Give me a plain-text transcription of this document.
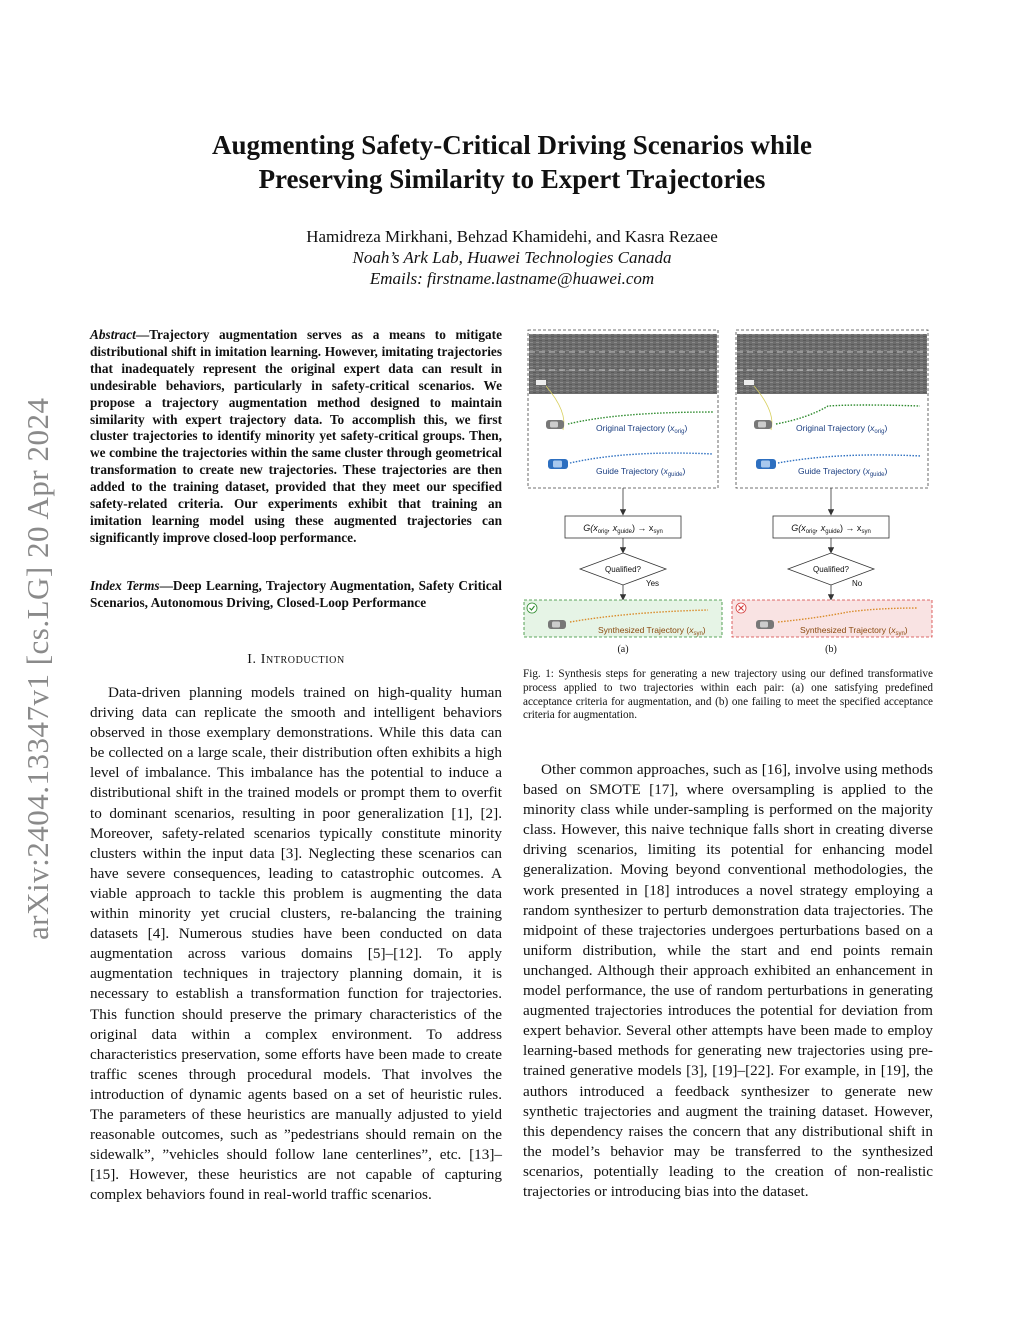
arXiv:2404.13347v1 [cs.LG] 20 Apr 2024
Augmenting Safety-Critical Driving Scenarios while
Preserving Similarity to Expert Trajectories
Hamidreza Mirkhani, Behzad Khamidehi, and Kasra Rezaee
Noah’s Ark Lab, Huawei Technologies Canada
Emails: firstname.lastname@huawei.com
Abstract—Trajectory augmentation serves as a means to mitigate distributional shift in imitation learning. However, imitating trajectories that inadequately represent the original expert data can result in undesirable behaviors, particularly in safety-critical scenarios. We propose a trajectory augmentation method designed to maintain similarity with expert trajectory data. To accomplish this, we first cluster trajectories to identify minority yet safety-critical groups. Then, we combine the trajectories within the same cluster through geometrical transformation to create new trajectories. These trajectories are then added to the training dataset, provided that they meet our specified safety-related criteria. Our experiments exhibit that training an imitation learning model using these augmented trajectories can significantly improve closed-loop performance.
Index Terms—Deep Learning, Trajectory Augmentation, Safety Critical Scenarios, Autonomous Driving, Closed-Loop Performance
I. Introduction

Data-driven planning models trained on high-quality human driving data can replicate the smooth and intelligent behaviors observed in those exemplary demonstrations. While this data can be collected on a large scale, their distribution often exhibits a high level of imbalance. This imbalance has the potential to induce a distributional shift in the trained models or prompt them to overfit to dominant scenarios, resulting in poor generalization [1], [2]. Moreover, safety-related scenarios typically constitute minority clusters within the input data [3]. Neglecting these scenarios can have severe consequences, leading to catastrophic outcomes. A viable approach to tackle this problem is augmenting the data within minority yet crucial clusters, re-balancing the training datasets [4]. Numerous studies have been conducted on data augmentation across various domains [5]–[12]. To apply augmentation techniques in trajectory planning domain, it is necessary to establish a transformation function for trajectories. This function should preserve the primary characteristics of the original data within a complex environment. To address characteristics preservation, some efforts have been made to create traffic scenes through procedural models. That involves the introduction of dynamic agents based on a set of heuristic rules. The parameters of these heuristics are manually adjusted to yield reasonable outcomes, such as ”pedestrians should remain on the sidewalk”, ”vehicles should follow lane centerlines”, etc. [13]–[15]. However, these heuristics are not capable of capturing complex behaviors found in real-world traffic scenarios.

Original Trajectory $(x_{orig})$
Guide Trajectory $(x_{guide})$
$G(x_{orig}$, $x_{guide}) \to x_{syn}$
Qualified?
Yes
Synthesized Trajectory $(x_{syn})$
(a)
Original Trajectory $(x_{orig})$
Guide Trajectory $(x_{guide})$
$G(x_{orig}$, $x_{guide}) \to x_{syn}$
Qualified?
No
Synthesized Trajectory $(x_{syn})$
(b)
Fig. 1: Synthesis steps for generating a new trajectory using our defined transformative process applied to two trajectories within each pair: (a) one satisfying predefined acceptance criteria for augmentation, and (b) one failing to meet the specified acceptance criteria for augmentation.

Other common approaches, such as [16], involve using methods based on SMOTE [17], where oversampling is applied to the minority class while under-sampling is performed on the majority class. However, this naive technique falls short in creating diverse driving scenarios, limiting its potential for enhancing model generalization. Moving beyond conventional methodologies, the work presented in [18] introduces a novel strategy employing a random synthesizer to perturb demonstration data trajectories. The midpoint of these trajectories undergoes perturbations based on a uniform distribution, while the start and end points remain unchanged. Although their approach exhibited an enhancement in model performance, the use of random perturbations in generating augmented trajectories introduces the potential for deviation from expert behavior. Several other attempts have been made to employ learning-based methods for generating new trajectories using pre-trained generative models [3], [19]–[22]. For example, in [19], the authors introduced a feedback synthesizer to generate new synthetic trajectories and augment the training dataset. However, this dependency raises the concern that any distributional shift in the model’s behavior may be transferred to the synthesized scenarios, potentially leading to the creation of non-realistic trajectories or introducing bias into the dataset.
